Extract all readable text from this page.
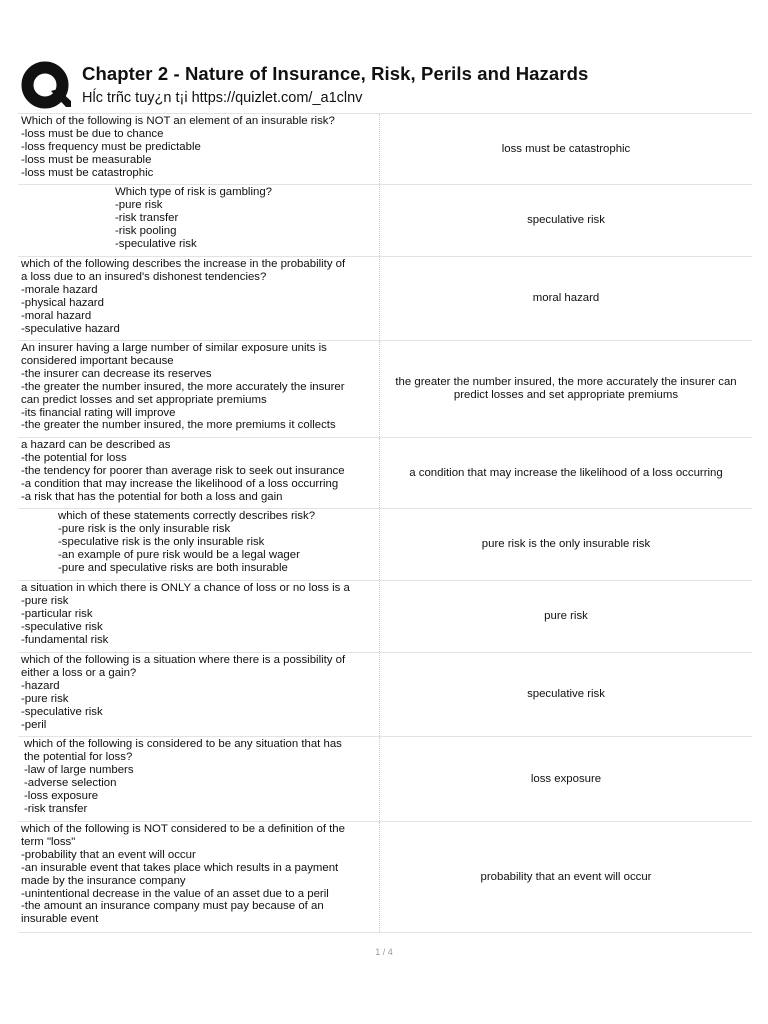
Chapter 2 - Nature of Insurance, Risk, Perils and Hazards
Hĺc trñc tuy¿n t¡i https://quizlet.com/_a1clnv
Which of the following is NOT an element of an insurable risk?
-loss must be due to chance
-loss frequency must be predictable
-loss must be measurable
-loss must be catastrophic
loss must be catastrophic
Which type of risk is gambling?
-pure risk
-risk transfer
-risk pooling
-speculative risk
speculative risk
which of the following describes the increase in the probability of
a loss due to an insured's dishonest tendencies?
-morale hazard
-physical hazard
-moral hazard
-speculative hazard
moral hazard
An insurer having a large number of similar exposure units is
considered important because
-the insurer can decrease its reserves
-the greater the number insured, the more accurately the insurer
can predict losses and set appropriate premiums
-its financial rating will improve
-the greater the number insured, the more premiums it collects
the greater the number insured, the more accurately the insurer can predict losses and set appropriate premiums
a hazard can be described as
-the potential for loss
-the tendency for poorer than average risk to seek out insurance
-a condition that may increase the likelihood of a loss occurring
-a risk that has the potential for both a loss and gain
a condition that may increase the likelihood of a loss occurring
which of these statements correctly describes risk?
-pure risk is the only insurable risk
-speculative risk is the only insurable risk
-an example of pure risk would be a legal wager
-pure and speculative risks are both insurable
pure risk is the only insurable risk
a situation in which there is ONLY a chance of loss or no loss is a
-pure risk
-particular risk
-speculative risk
-fundamental risk
pure risk
which of the following is a situation where there is a possibility of
either a loss or a gain?
-hazard
-pure risk
-speculative risk
-peril
speculative risk
which of the following is considered to be any situation that has
the potential for loss?
-law of large numbers
-adverse selection
-loss exposure
-risk transfer
loss exposure
which of the following is NOT considered to be a definition of the
term "loss"
-probability that an event will occur
-an insurable event that takes place which results in a payment
made by the insurance company
-unintentional decrease in the value of an asset due to a peril
-the amount an insurance company must pay because of an
insurable event
probability that an event will occur
1 / 4
